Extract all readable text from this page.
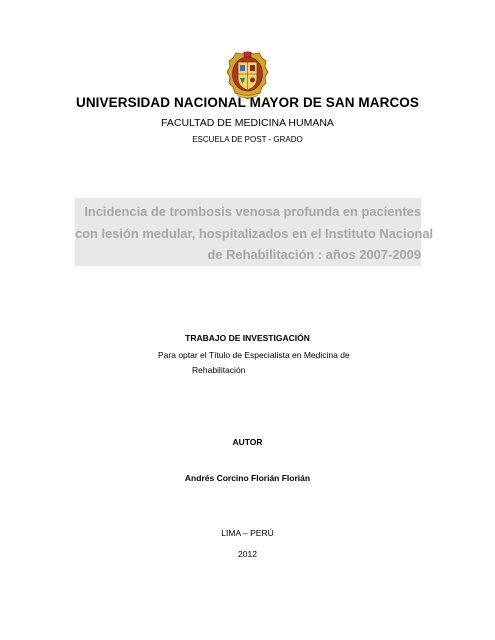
UNIVERSIDAD NACIONAL MAYOR DE SAN MARCOS
FACULTAD DE MEDICINA HUMANA
ESCUELA DE POST - GRADO
Incidencia de trombosis venosa profunda en pacientes
con lesión medular, hospitalizados en el Instituto Nacional
de Rehabilitación : años 2007-2009
TRABAJO DE INVESTIGACIÓN
Para optar el Título de Especialista en Medicina de
Rehabilitación
AUTOR
Andrés Corcino Florián Florián
LIMA – PERÚ
2012
